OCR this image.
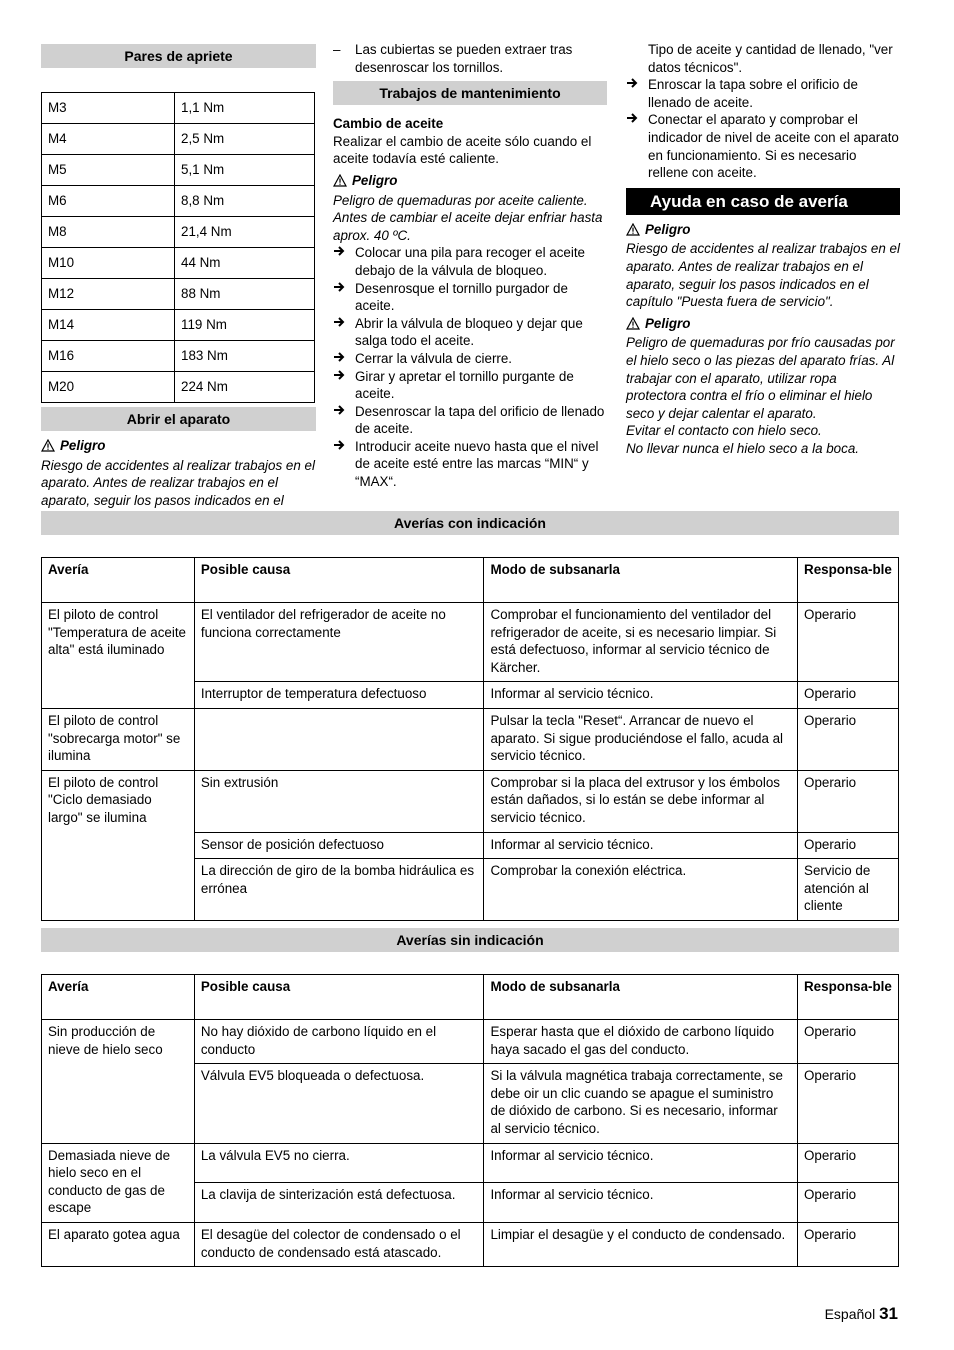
Pares de apriete
M3	1,1 Nm
M4	2,5 Nm
M5	5,1 Nm
M6	8,8 Nm
M8	21,4 Nm
M10	44 Nm
M12	88 Nm
M14	119 Nm
M16	183 Nm
M20	224 Nm
Abrir el aparato
Peligro

Riesgo de accidentes al realizar trabajos en el aparato. Antes de realizar trabajos en el aparato, seguir los pasos indicados en el

– Las cubiertas se pueden extraer tras desenroscar los tornillos.
Trabajos de mantenimiento

Cambio de aceite

Realizar el cambio de aceite sólo cuando el aceite todavía esté caliente.

Peligro

Peligro de quemaduras por aceite caliente. Antes de cambiar el aceite dejar enfriar hasta aprox. 40 ºC.

Colocar una pila para recoger el aceite debajo de la válvula de bloqueo.
Desenrosque el tornillo purgador de aceite.
Abrir la válvula de bloqueo y dejar que salga todo el aceite.
Cerrar la válvula de cierre.
Girar y apretar el tornillo purgante de aceite.
Desenroscar la tapa del orificio de llenado de aceite.
Introducir aceite nuevo hasta que el nivel de aceite esté entre las marcas “MIN“ y “MAX“.

Tipo de aceite y cantidad de llenado, "ver datos técnicos".

Enroscar la tapa sobre el orificio de llenado de aceite.
Conectar el aparato y comprobar el indicador de nivel de aceite con el aparato en funcionamiento. Si es necesario rellene con aceite.
Ayuda en caso de avería
Peligro

Riesgo de accidentes al realizar trabajos en el aparato. Antes de realizar trabajos en el aparato, seguir los pasos indicados en el capítulo "Puesta fuera de servicio".

Peligro

Peligro de quemaduras por frío causadas por el hielo seco o las piezas del aparato frías. Al trabajar con el aparato, utilizar ropa protectora contra el frío o eliminar el hielo seco y dejar calentar el aparato.

Evitar el contacto con hielo seco.

No llevar nunca el hielo seco a la boca.

Averías con indicación
Avería	Posible causa	Modo de subsanarla	Responsa-ble
El piloto de control "Temperatura de aceite alta" está iluminado	El ventilador del refrigerador de aceite no funciona correctamente	Comprobar el funcionamiento del ventilador del refrigerador de aceite, si es necesario limpiar. Si está defectuoso, informar al servicio técnico de Kärcher.	Operario
	Interruptor de temperatura defectuoso	Informar al servicio técnico.	Operario
El piloto de control "sobrecarga motor" se ilumina		Pulsar la tecla "Reset“. Arrancar de nuevo el aparato. Si sigue produciéndose el fallo, acuda al servicio técnico.	Operario
El piloto de control "Ciclo demasiado largo" se ilumina	Sin extrusión	Comprobar si la placa del extrusor y los émbolos están dañados, si lo están se debe informar al servicio técnico.	Operario
	Sensor de posición defectuoso	Informar al servicio técnico.	Operario
	La dirección de giro de la bomba hidráulica es errónea	Comprobar la conexión eléctrica.	Servicio de atención al cliente
Averías sin indicación
Avería	Posible causa	Modo de subsanarla	Responsa-ble
Sin producción de nieve de hielo seco	No hay dióxido de carbono líquido en el conducto	Esperar hasta que el dióxido de carbono líquido haya sacado el gas del conducto.	Operario
	Válvula EV5 bloqueada o defectuosa.	Si la válvula magnética trabaja correctamente, se debe oir un clic cuando se apague el suministro de dióxido de carbono. Si es necesario, informar al servicio técnico.	Operario
Demasiada nieve de hielo seco en el conducto de gas de escape	La válvula EV5 no cierra.	Informar al servicio técnico.	Operario
	La clavija de sinterización está defectuosa.	Informar al servicio técnico.	Operario
El aparato gotea agua	El desagüe del colector de condensado o el conducto de condensado está atascado.	Limpiar el desagüe y el conducto de condensado.	Operario
Español 31
